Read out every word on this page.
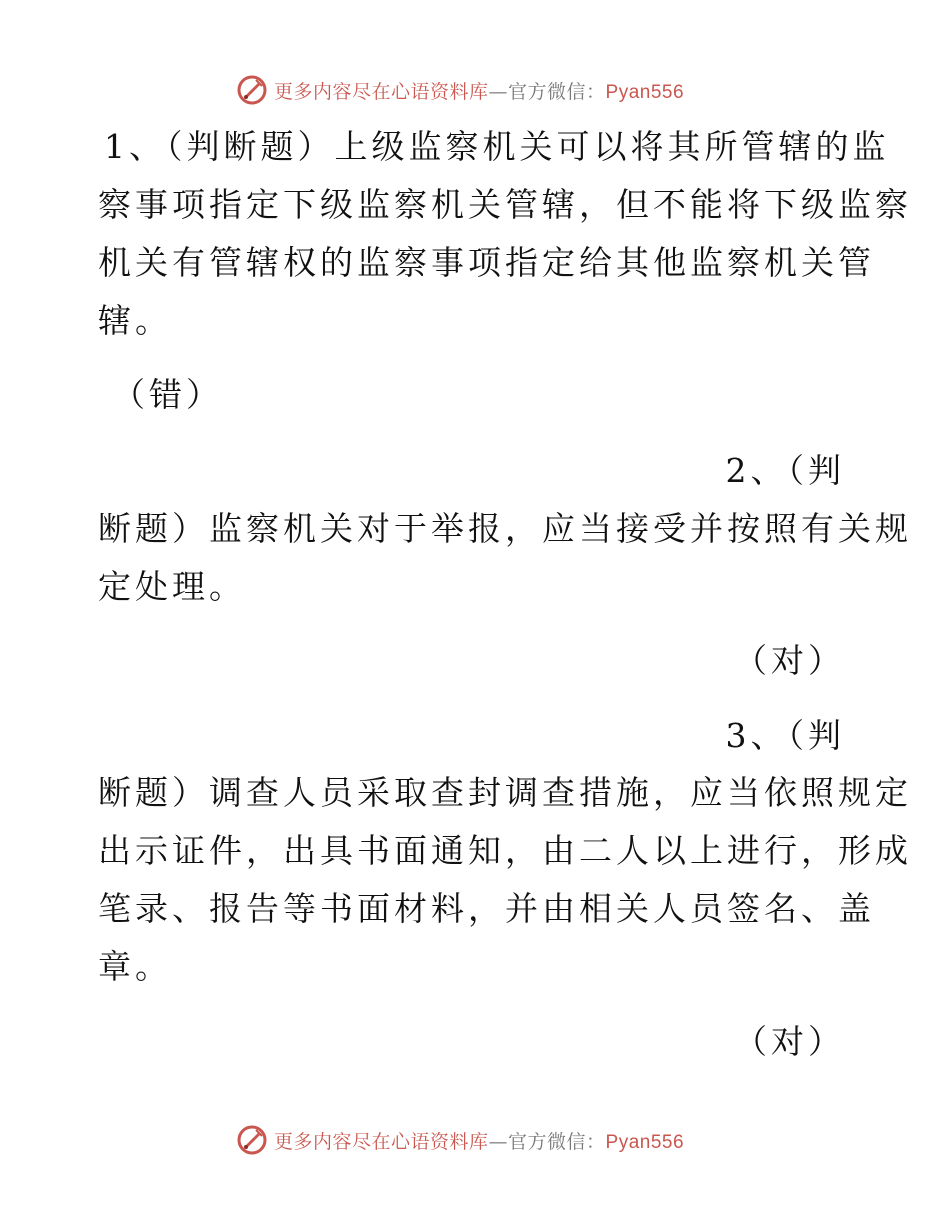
更多内容尽在心语资料库—官方微信：Pyan556
1、（判断题）上级监察机关可以将其所管辖的监
察事项指定下级监察机关管辖，但不能将下级监察
机关有管辖权的监察事项指定给其他监察机关管
辖。
（错）
2、（判
断题）监察机关对于举报，应当接受并按照有关规
定处理。
（对）
3、（判
断题）调查人员采取查封调查措施，应当依照规定
出示证件，出具书面通知，由二人以上进行，形成
笔录、报告等书面材料，并由相关人员签名、盖
章。
（对）
更多内容尽在心语资料库—官方微信：Pyan556
